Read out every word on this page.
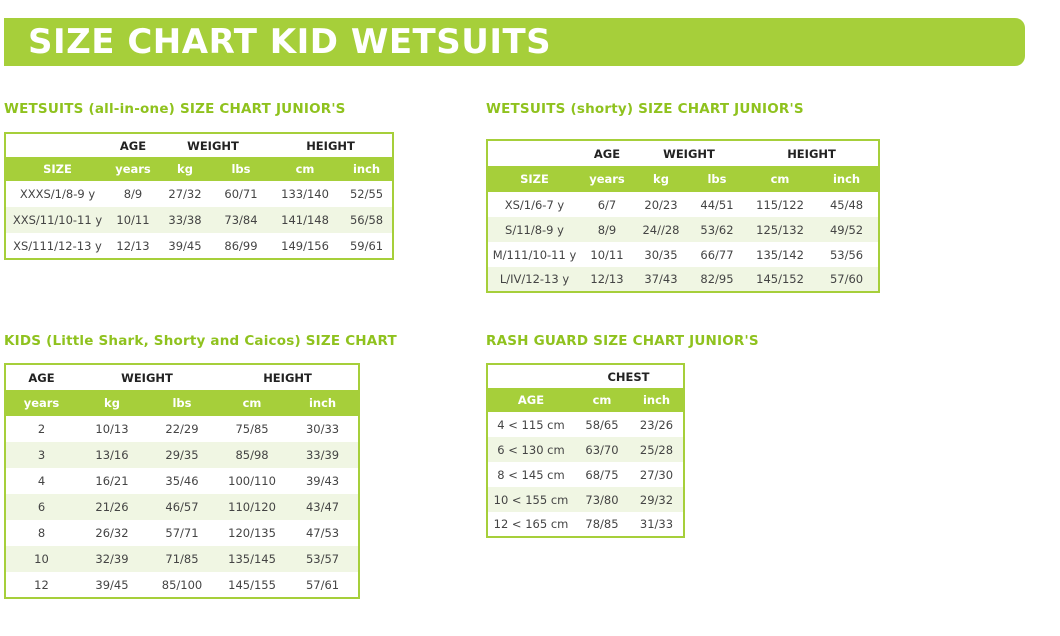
SIZE CHART KID WETSUITS
WETSUITS (all-in-one) SIZE CHART JUNIOR'S
	AGE	WEIGHT		HEIGHT	
SIZE	years	kg	lbs	cm	inch
XXXS/1/8-9 y	8/9	27/32	60/71	133/140	52/55
XXS/11/10-11 y	10/11	33/38	73/84	141/148	56/58
XS/111/12-13 y	12/13	39/45	86/99	149/156	59/61
WETSUITS (shorty) SIZE CHART JUNIOR'S
	AGE	WEIGHT		HEIGHT	
SIZE	years	kg	lbs	cm	inch
XS/1/6-7 y	6/7	20/23	44/51	115/122	45/48
S/11/8-9 y	8/9	24//28	53/62	125/132	49/52
M/111/10-11 y	10/11	30/35	66/77	135/142	53/56
L/IV/12-13 y	12/13	37/43	82/95	145/152	57/60
KIDS (Little Shark, Shorty and Caicos) SIZE CHART
AGE	WEIGHT		HEIGHT	
years	kg	lbs	cm	inch
2	10/13	22/29	75/85	30/33
3	13/16	29/35	85/98	33/39
4	16/21	35/46	100/110	39/43
6	21/26	46/57	110/120	43/47
8	26/32	57/71	120/135	47/53
10	32/39	71/85	135/145	53/57
12	39/45	85/100	145/155	57/61
RASH GUARD SIZE CHART JUNIOR'S
	CHEST	
AGE	cm	inch
4 < 115 cm	58/65	23/26
6 < 130 cm	63/70	25/28
8 < 145 cm	68/75	27/30
10 < 155 cm	73/80	29/32
12 < 165 cm	78/85	31/33
